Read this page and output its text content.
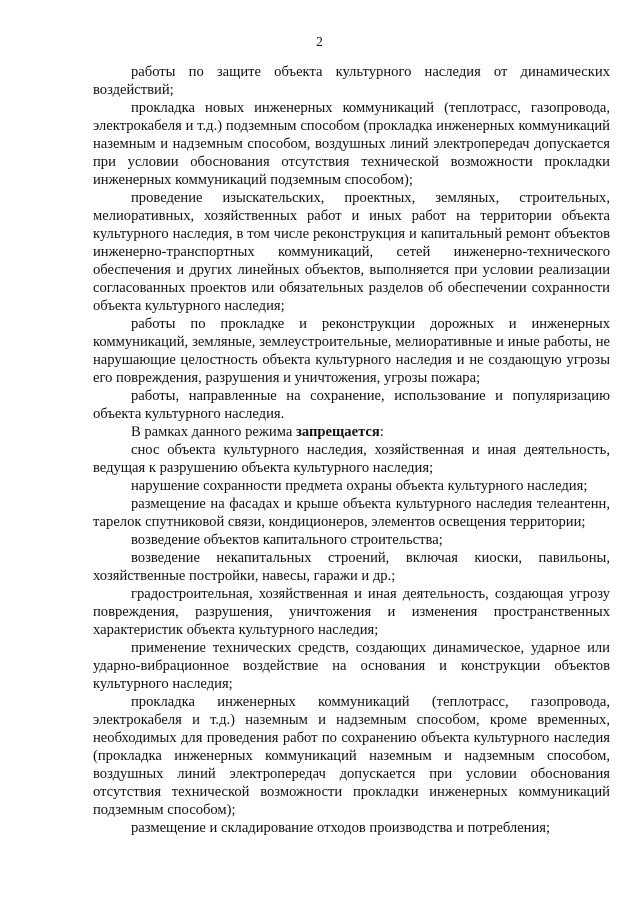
2

работы по защите объекта культурного наследия от динамических воздействий;

прокладка новых инженерных коммуникаций (теплотрасс, газопровода, электрокабеля и т.д.) подземным способом (прокладка инженерных коммуникаций наземным и надземным способом, воздушных линий электропередач допускается при условии обоснования отсутствия технической возможности прокладки инженерных коммуникаций подземным способом);

проведение изыскательских, проектных, земляных, строительных, мелиоративных, хозяйственных работ и иных работ на территории объекта культурного наследия, в том числе реконструкция и капитальный ремонт объектов инженерно-транспортных коммуникаций, сетей инженерно-технического обеспечения и других линейных объектов, выполняется при условии реализации согласованных проектов или обязательных разделов об обеспечении сохранности объекта культурного наследия;

работы по прокладке и реконструкции дорожных и инженерных коммуникаций, земляные, землеустроительные, мелиоративные и иные работы, не нарушающие целостность объекта культурного наследия и не создающую угрозы его повреждения, разрушения и уничтожения, угрозы пожара;

работы, направленные на сохранение, использование и популяризацию объекта культурного наследия.

В рамках данного режима запрещается:

снос объекта культурного наследия, хозяйственная и иная деятельность, ведущая к разрушению объекта культурного наследия;

нарушение сохранности предмета охраны объекта культурного наследия;

размещение на фасадах и крыше объекта культурного наследия телеантенн, тарелок спутниковой связи, кондиционеров, элементов освещения территории;

возведение объектов капитального строительства;

возведение некапитальных строений, включая киоски, павильоны, хозяйственные постройки, навесы, гаражи и др.;

градостроительная, хозяйственная и иная деятельность, создающая угрозу повреждения, разрушения, уничтожения и изменения пространственных характеристик объекта культурного наследия;

применение технических средств, создающих динамическое, ударное или ударно-вибрационное воздействие на основания и конструкции объектов культурного наследия;

прокладка инженерных коммуникаций (теплотрасс, газопровода, электрокабеля и т.д.) наземным и надземным способом, кроме временных, необходимых для проведения работ по сохранению объекта культурного наследия (прокладка инженерных коммуникаций наземным и надземным способом, воздушных линий электропередач допускается при условии обоснования отсутствия технической возможности прокладки инженерных коммуникаций подземным способом);

размещение и складирование отходов производства и потребления;
